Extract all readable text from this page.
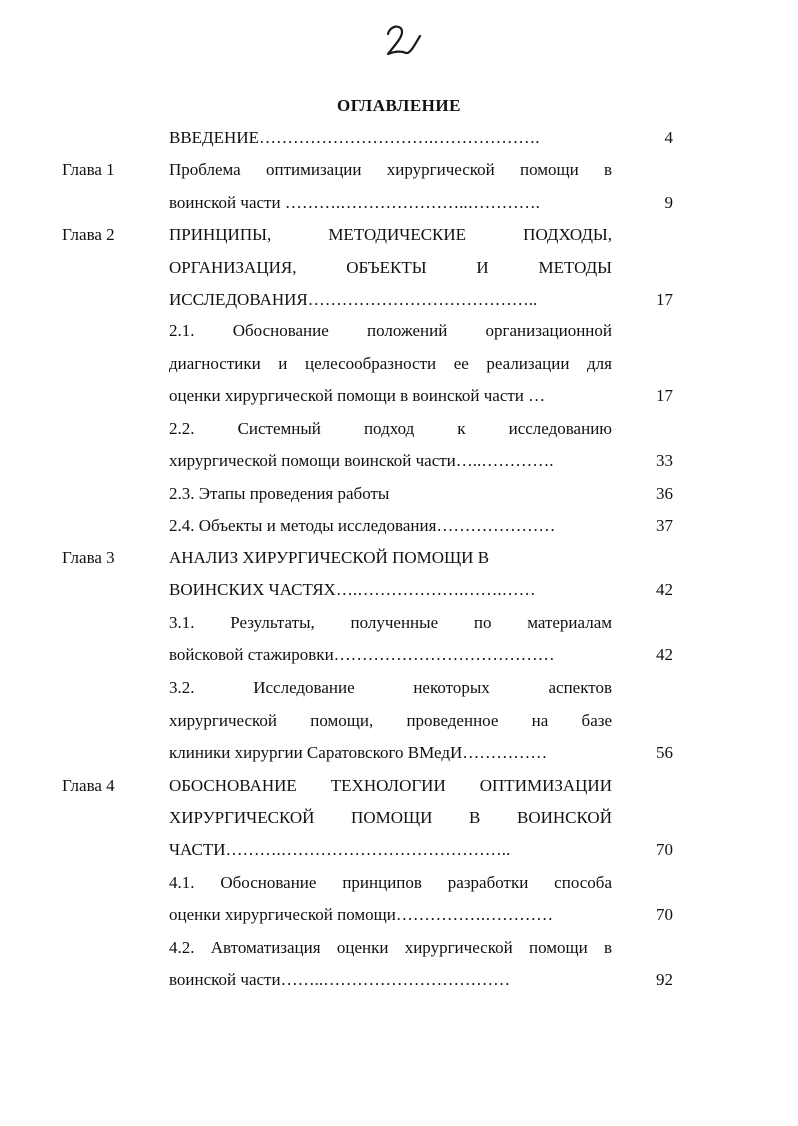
ОГЛАВЛЕНИЕ
ВВЕДЕНИЕ………………………….……………….	4
Глава 1	Проблема оптимизации хирургической помощи в
воинской части ……….…………………..………….	9
Глава 2	ПРИНЦИПЫ, МЕТОДИЧЕСКИЕ ПОДХОДЫ,
ОРГАНИЗАЦИЯ, ОБЪЕКТЫ И МЕТОДЫ
ИССЛЕДОВАНИЯ…………………………………..	17
2.1. Обоснование положений организационной
диагностики и целесообразности ее реализации для
оценки хирургической помощи в воинской части …	17
2.2. Системный подход к исследованию
хирургической помощи воинской части…..………….	33
2.3. Этапы проведения работы	36
2.4. Объекты и методы исследования…………………	37
Глава 3	АНАЛИЗ ХИРУРГИЧЕСКОЙ ПОМОЩИ В
ВОИНСКИХ ЧАСТЯХ….……………….…….……	42
3.1. Результаты, полученные по материалам
войсковой стажировки…………………………………	42
3.2. Исследование некоторых аспектов
хирургической помощи, проведенное на базе
клиники хирургии Саратовского ВМедИ……………	56
Глава 4	ОБОСНОВАНИЕ ТЕХНОЛОГИИ ОПТИМИЗАЦИИ
ХИРУРГИЧЕСКОЙ ПОМОЩИ В ВОИНСКОЙ
ЧАСТИ……….…………………………………..	70
4.1. Обоснование принципов разработки способа
оценки хирургической помощи…………….…………	70
4.2. Автоматизация оценки хирургической помощи в
воинской части……..……………………………	92
